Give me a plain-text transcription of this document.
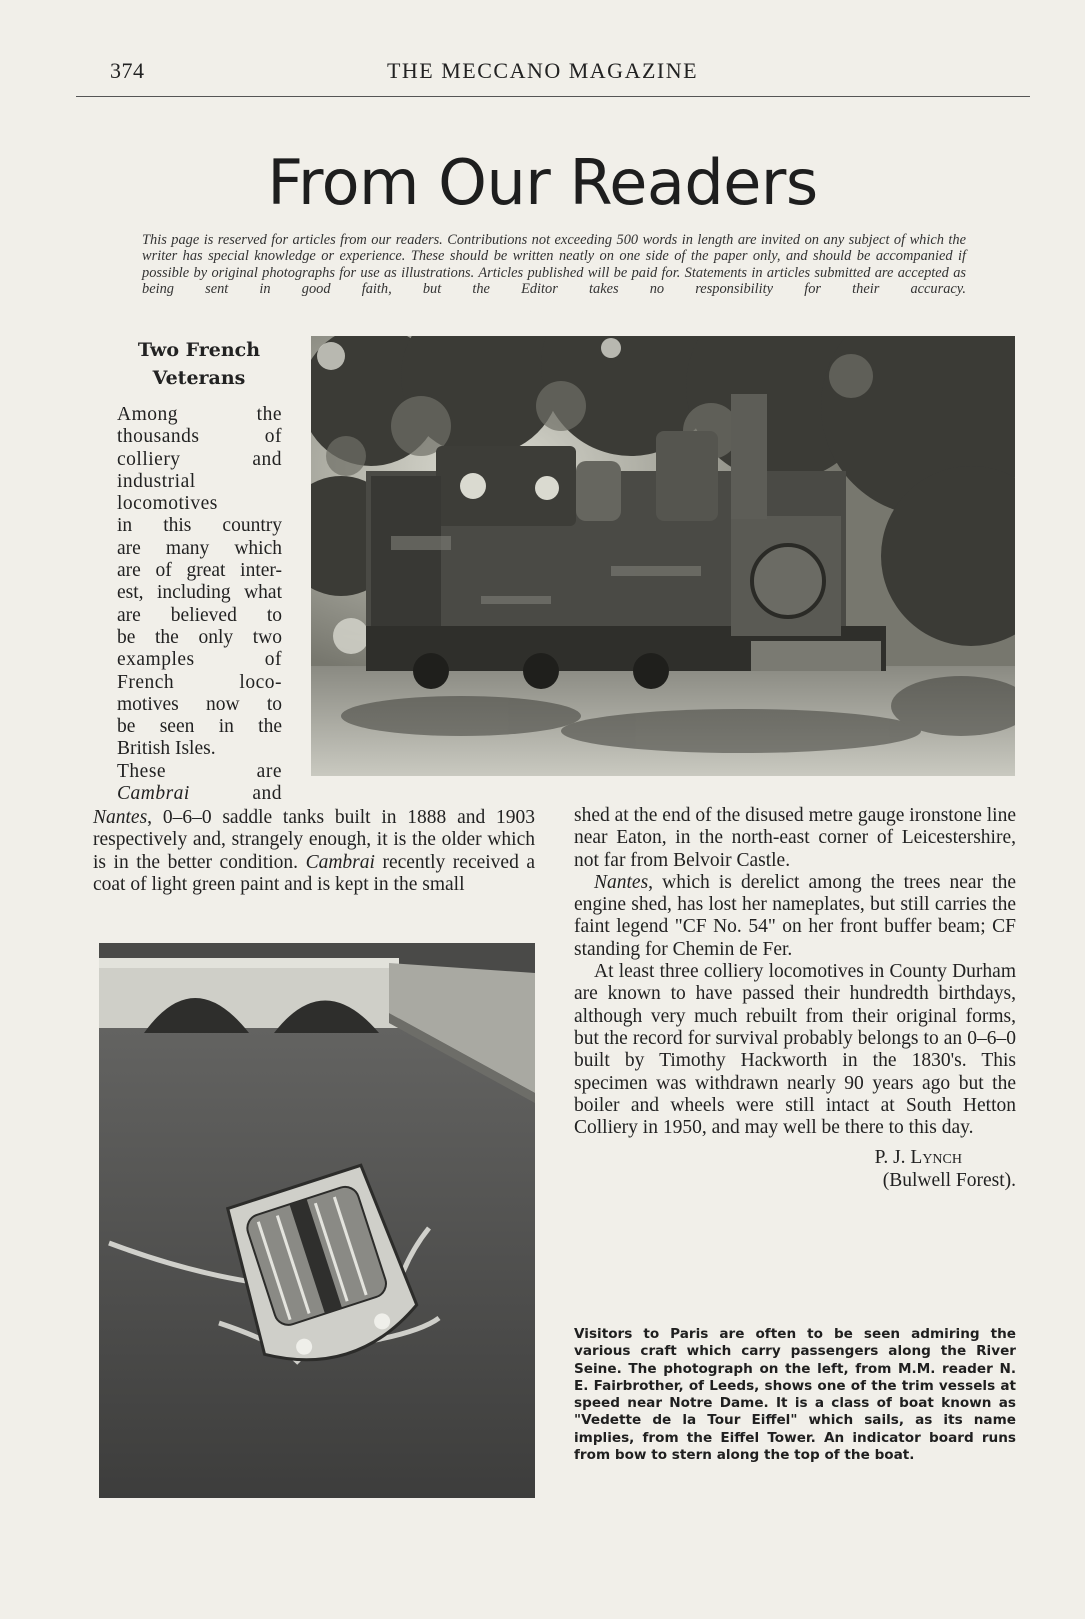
374	THE MECCANO MAGAZINE
From Our Readers
This page is reserved for articles from our readers. Contributions not exceeding 500 words in length are invited on any subject of which the writer has special knowledge or experience. These should be written neatly on one side of the paper only, and should be accompanied if possible by original photographs for use as illustrations. Articles published will be paid for. Statements in articles submitted are accepted as being sent in good faith, but the Editor takes no responsibility for their accuracy.
Two French
Veterans

Among the

thousands of

colliery and

industrial

locomotives

in this country

are many which

are of great inter-

est, including what

are believed to

be the only two

examples of

French loco-

motives now to

be seen in the

British Isles.

These are

Cambrai and

Nantes, 0–6–0 saddle tanks built in 1888 and 1903 respectively and, strangely enough, it is the older which is in the better condition. Cambrai recently received a coat of light green paint and is kept in the small

shed at the end of the disused metre gauge ironstone line near Eaton, in the north-east corner of Leicestershire, not far from Belvoir Castle.

Nantes, which is derelict among the trees near the engine shed, has lost her nameplates, but still carries the faint legend "CF No. 54" on her front buffer beam; CF standing for Chemin de Fer.

At least three colliery locomotives in County Durham are known to have passed their hundredth birthdays, although very much rebuilt from their original forms, but the record for survival probably belongs to an 0–6–0 built by Timothy Hackworth in the 1830's. This specimen was withdrawn nearly 90 years ago but the boiler and wheels were still intact at South Hetton Colliery in 1950, and may well be there to this day.

P. J. Lynch

(Bulwell Forest).

Visitors to Paris are often to be seen admiring the various craft which carry passengers along the River Seine. The photograph on the left, from M.M. reader N. E. Fairbrother, of Leeds, shows one of the trim vessels at speed near Notre Dame. It is a class of boat known as "Vedette de la Tour Eiffel" which sails, as its name implies, from the Eiffel Tower. An indicator board runs from bow to stern along the top of the boat.
